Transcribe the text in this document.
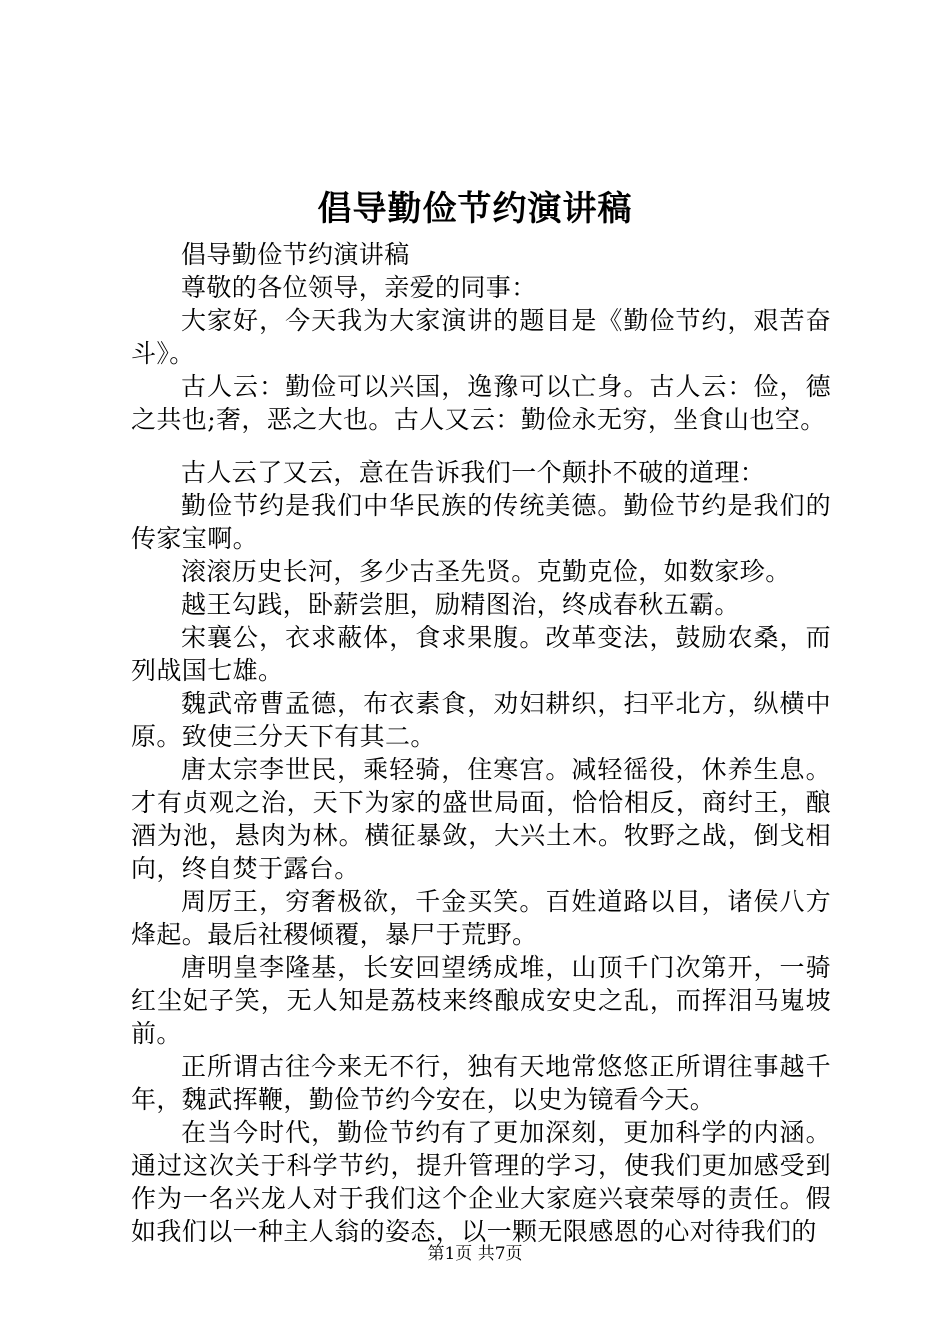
倡导勤俭节约演讲稿

倡导勤俭节约演讲稿

尊敬的各位领导，亲爱的同事：

大家好，今天我为大家演讲的题目是《勤俭节约，艰苦奋斗》。

古人云：勤俭可以兴国，逸豫可以亡身。古人云：俭，德之共也;奢，恶之大也。古人又云：勤俭永无穷，坐食山也空。

古人云了又云，意在告诉我们一个颠扑不破的道理：

勤俭节约是我们中华民族的传统美德。勤俭节约是我们的传家宝啊。

滚滚历史长河，多少古圣先贤。克勤克俭，如数家珍。

越王勾践，卧薪尝胆，励精图治，终成春秋五霸。

宋襄公，衣求蔽体，食求果腹。改革变法，鼓励农桑，而列战国七雄。

魏武帝曹孟德，布衣素食，劝妇耕织，扫平北方，纵横中原。致使三分天下有其二。

唐太宗李世民，乘轻骑，住寒宫。减轻徭役，休养生息。才有贞观之治，天下为家的盛世局面，恰恰相反，商纣王，酿酒为池，悬肉为林。横征暴敛，大兴土木。牧野之战，倒戈相向，终自焚于露台。

周厉王，穷奢极欲，千金买笑。百姓道路以目，诸侯八方烽起。最后社稷倾覆，暴尸于荒野。

唐明皇李隆基，长安回望绣成堆，山顶千门次第开，一骑红尘妃子笑，无人知是荔枝来终酿成安史之乱，而挥泪马嵬坡前。

正所谓古往今来无不行，独有天地常悠悠正所谓往事越千年，魏武挥鞭，勤俭节约今安在，以史为镜看今天。

在当今时代，勤俭节约有了更加深刻，更加科学的内涵。通过这次关于科学节约，提升管理的学习，使我们更加感受到作为一名兴龙人对于我们这个企业大家庭兴衰荣辱的责任。假如我们以一种主人翁的姿态，以一颗无限感恩的心对待我们的

第1页 共7页
